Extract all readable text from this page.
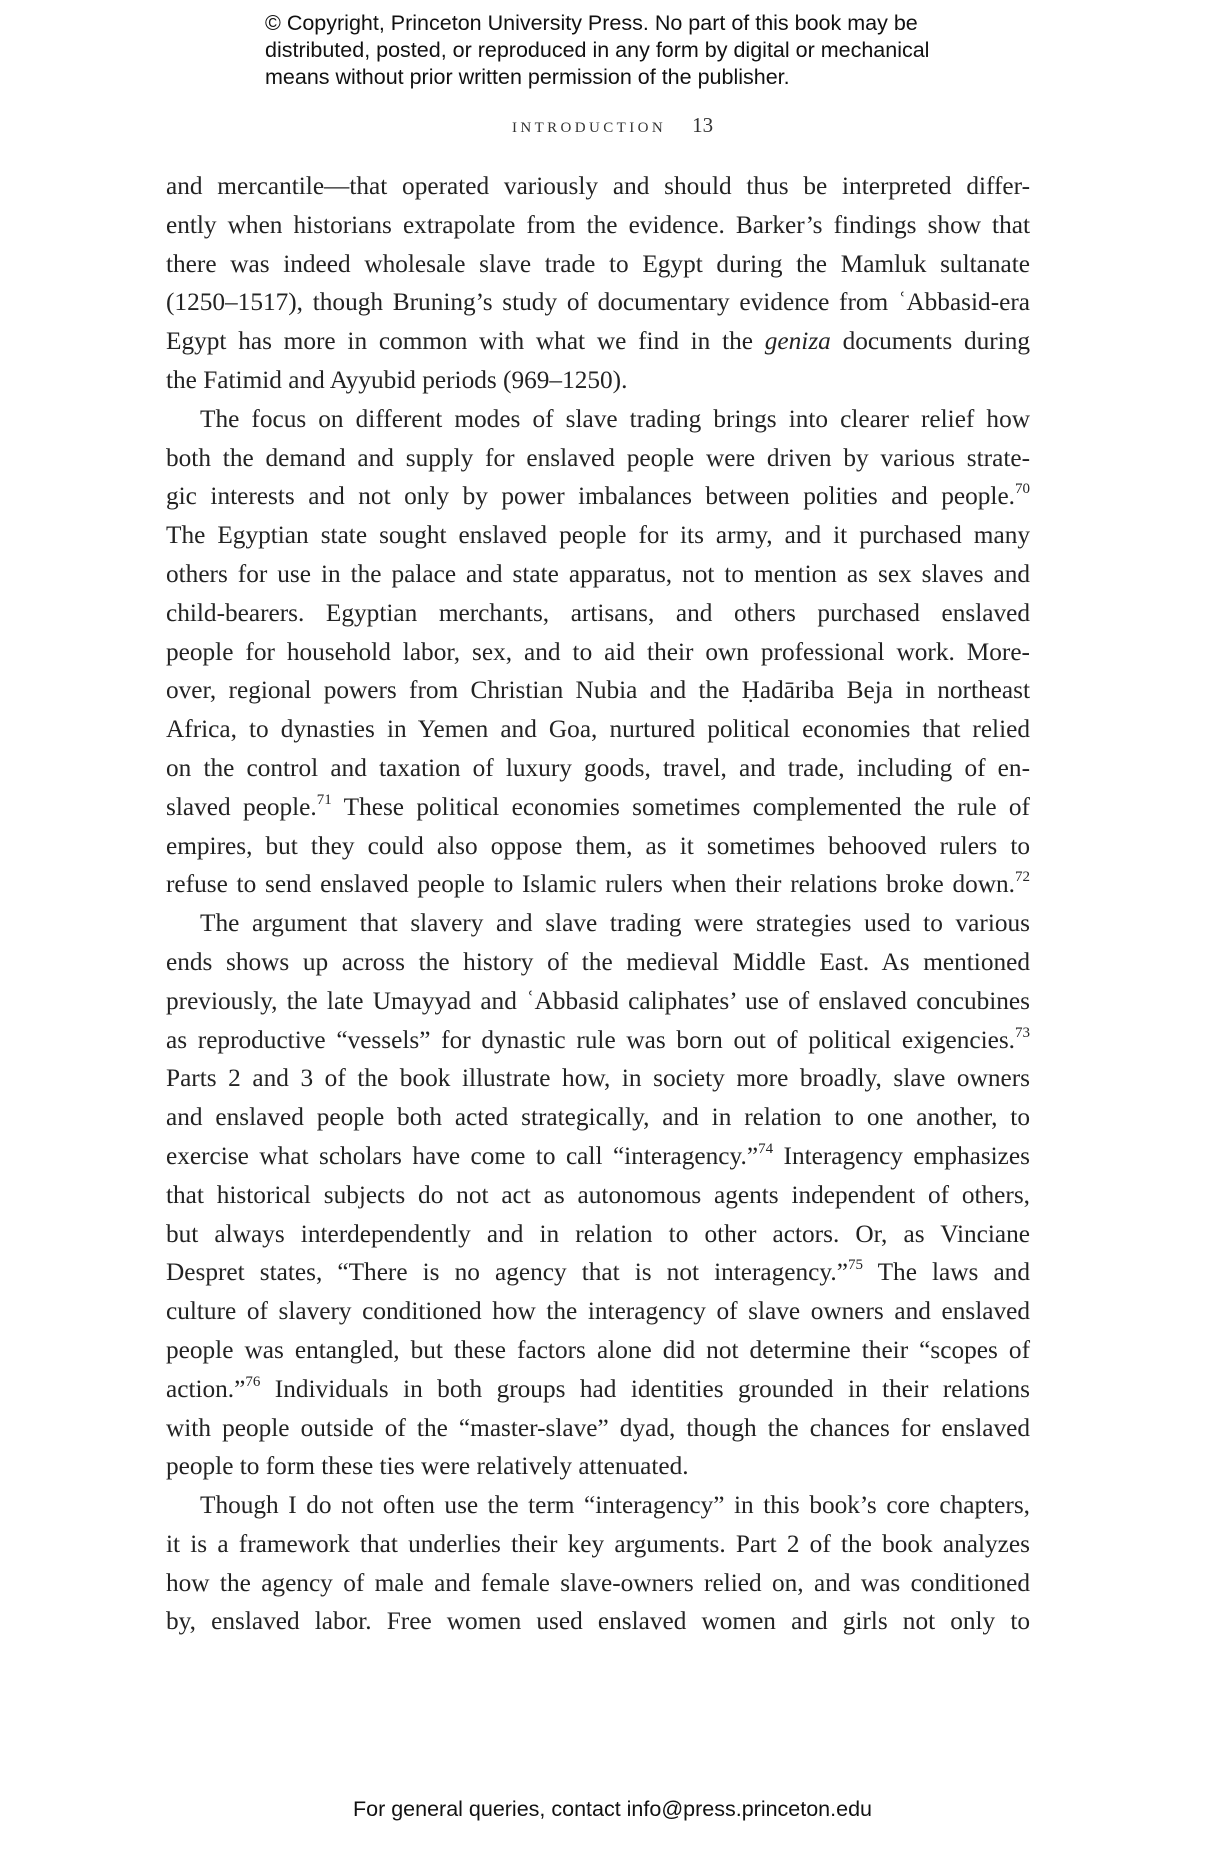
© Copyright, Princeton University Press. No part of this book may be
distributed, posted, or reproduced in any form by digital or mechanical
means without prior written permission of the publisher.
introduction 13
and mercantile—that operated variously and should thus be interpreted differ-
ently when historians extrapolate from the evidence. Barker’s findings show that
there was indeed wholesale slave trade to Egypt during the Mamluk sultanate
(1250–1517), though Bruning’s study of documentary evidence from ʿAbbasid-era
Egypt has more in common with what we find in the geniza documents during
the Fatimid and Ayyubid periods (969–1250).
The focus on different modes of slave trading brings into clearer relief how
both the demand and supply for enslaved people were driven by various strate-
gic interests and not only by power imbalances between polities and people.$^{70}$
The Egyptian state sought enslaved people for its army, and it purchased many
others for use in the palace and state apparatus, not to mention as sex slaves and
child-bearers. Egyptian merchants, artisans, and others purchased enslaved
people for household labor, sex, and to aid their own professional work. More-
over, regional powers from Christian Nubia and the Ḥadāriba Beja in northeast
Africa, to dynasties in Yemen and Goa, nurtured political economies that relied
on the control and taxation of luxury goods, travel, and trade, including of en-
slaved people.$^{71}$ These political economies sometimes complemented the rule of
empires, but they could also oppose them, as it sometimes behooved rulers to
refuse to send enslaved people to Islamic rulers when their relations broke down.$^{72}$
The argument that slavery and slave trading were strategies used to various
ends shows up across the history of the medieval Middle East. As mentioned
previously, the late Umayyad and ʿAbbasid caliphates’ use of enslaved concubines
as reproductive “vessels” for dynastic rule was born out of political exigencies.$^{73}$
Parts 2 and 3 of the book illustrate how, in society more broadly, slave owners
and enslaved people both acted strategically, and in relation to one another, to
exercise what scholars have come to call “interagency.”$^{74}$ Interagency emphasizes
that historical subjects do not act as autonomous agents independent of others,
but always interdependently and in relation to other actors. Or, as Vinciane
Despret states, “There is no agency that is not interagency.”$^{75}$ The laws and
culture of slavery conditioned how the interagency of slave owners and enslaved
people was entangled, but these factors alone did not determine their “scopes of
action.”$^{76}$ Individuals in both groups had identities grounded in their relations
with people outside of the “master-slave” dyad, though the chances for enslaved
people to form these ties were relatively attenuated.
Though I do not often use the term “interagency” in this book’s core chapters,
it is a framework that underlies their key arguments. Part 2 of the book analyzes
how the agency of male and female slave-owners relied on, and was conditioned
by, enslaved labor. Free women used enslaved women and girls not only to
For general queries, contact info@press.princeton.edu
